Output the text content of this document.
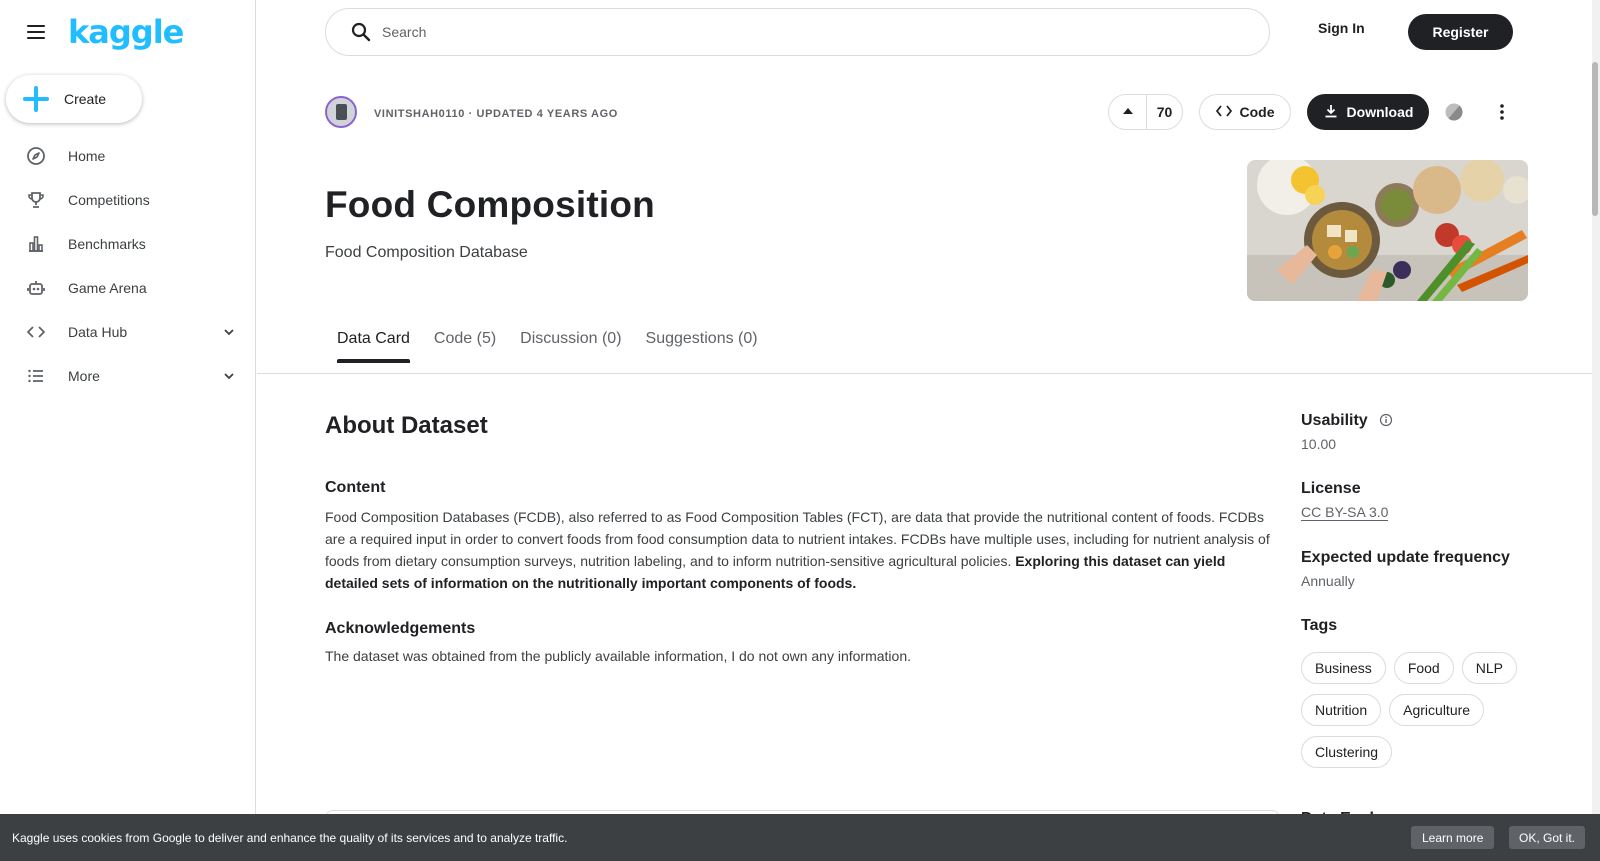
kaggle
Create
Home
Competitions
Benchmarks
Game Arena
Data Hub
More
Search
Sign In	Register
VINITSHAH0110 · UPDATED 4 YEARS AGO	70	Code	Download
Food Composition
Food Composition Database
Data Card Code (5) Discussion (0) Suggestions (0)
About Dataset
Content

Food Composition Databases (FCDB), also referred to as Food Composition Tables (FCT), are data that provide the nutritional content of foods. FCDBs are a required input in order to convert foods from food consumption data to nutrient intakes. FCDBs have multiple uses, including for nutrient analysis of foods from dietary consumption surveys, nutrition labeling, and to inform nutrition-sensitive agricultural policies. Exploring this dataset can yield detailed sets of information on the nutritionally important components of foods.

Acknowledgements

The dataset was obtained from the publicly available information, I do not own any information.

Usability
10.00
License
CC BY-SA 3.0
Expected update frequency
Annually
Tags
Business	Food	NLP
Nutrition	Agriculture
Clustering
Kaggle uses cookies from Google to deliver and enhance the quality of its services and to analyze traffic.	Learn more	OK, Got it.
